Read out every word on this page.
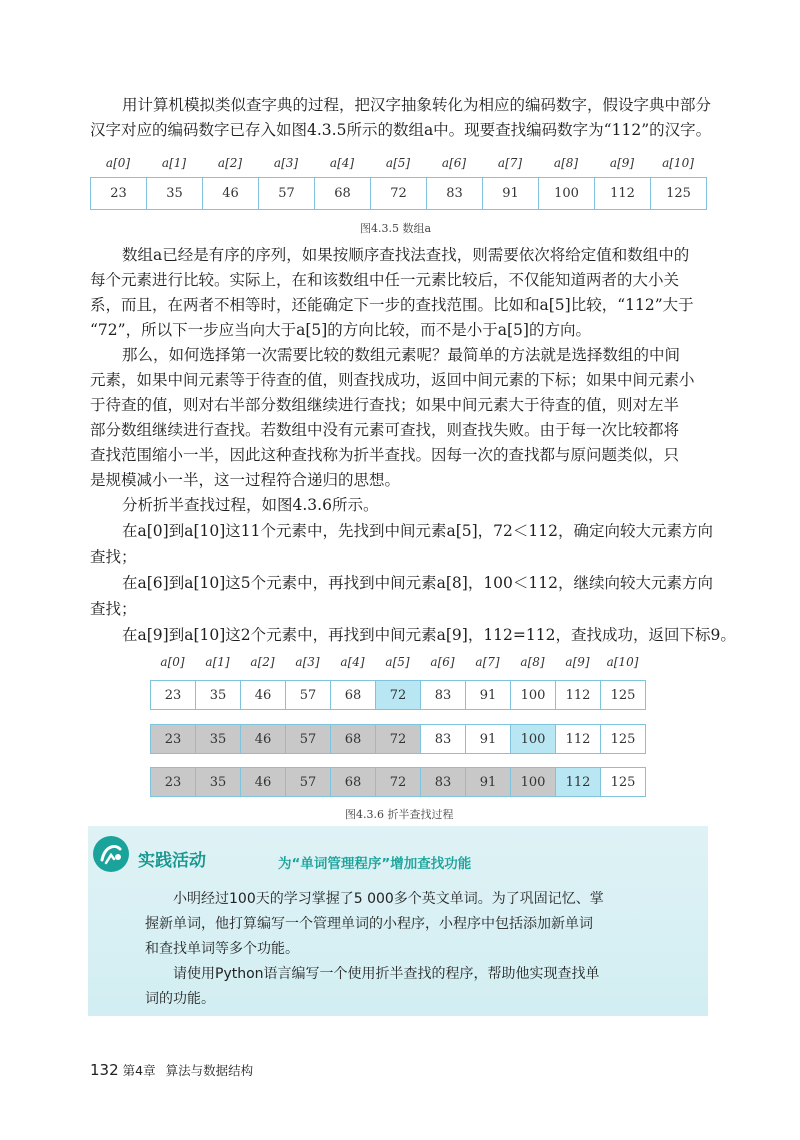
用计算机模拟类似查字典的过程，把汉字抽象转化为相应的编码数字，假设字典中部分
汉字对应的编码数字已存入如图4.3.5所示的数组a中。现要查找编码数字为“112”的汉字。
a[0]	a[1]	a[2]	a[3]	a[4]	a[5]	a[6]	a[7]	a[8]	a[9]	a[10]
23	35	46	57	68	72	83	91	100	112	125
图4.3.5 数组a
数组a已经是有序的序列，如果按顺序查找法查找，则需要依次将给定值和数组中的
每个元素进行比较。实际上，在和该数组中任一元素比较后，不仅能知道两者的大小关
系，而且，在两者不相等时，还能确定下一步的查找范围。比如和a[5]比较，“112”大于
“72”，所以下一步应当向大于a[5]的方向比较，而不是小于a[5]的方向。
那么，如何选择第一次需要比较的数组元素呢？最简单的方法就是选择数组的中间
元素，如果中间元素等于待查的值，则查找成功，返回中间元素的下标；如果中间元素小
于待查的值，则对右半部分数组继续进行查找；如果中间元素大于待查的值，则对左半
部分数组继续进行查找。若数组中没有元素可查找，则查找失败。由于每一次比较都将
查找范围缩小一半，因此这种查找称为折半查找。因每一次的查找都与原问题类似，只
是规模减小一半，这一过程符合递归的思想。
分析折半查找过程，如图4.3.6所示。
在a[0]到a[10]这11个元素中，先找到中间元素a[5]，72＜112，确定向较大元素方向
查找；
在a[6]到a[10]这5个元素中，再找到中间元素a[8]，100＜112，继续向较大元素方向
查找；
在a[9]到a[10]这2个元素中，再找到中间元素a[9]，112=112，查找成功，返回下标9。
a[0]	a[1]	a[2]	a[3]	a[4]	a[5]	a[6]	a[7]	a[8]	a[9]	a[10]
23	35	46	57	68	72	83	91	100	112	125
23	35	46	57	68	72	83	91	100	112	125
23	35	46	57	68	72	83	91	100	112	125
图4.3.6 折半查找过程
实践活动	为“单词管理程序”增加查找功能
小明经过100天的学习掌握了5 000多个英文单词。为了巩固记忆、掌
握新单词，他打算编写一个管理单词的小程序，小程序中包括添加新单词
和查找单词等多个功能。
请使用Python语言编写一个使用折半查找的程序，帮助他实现查找单
词的功能。
132 第4章 算法与数据结构
